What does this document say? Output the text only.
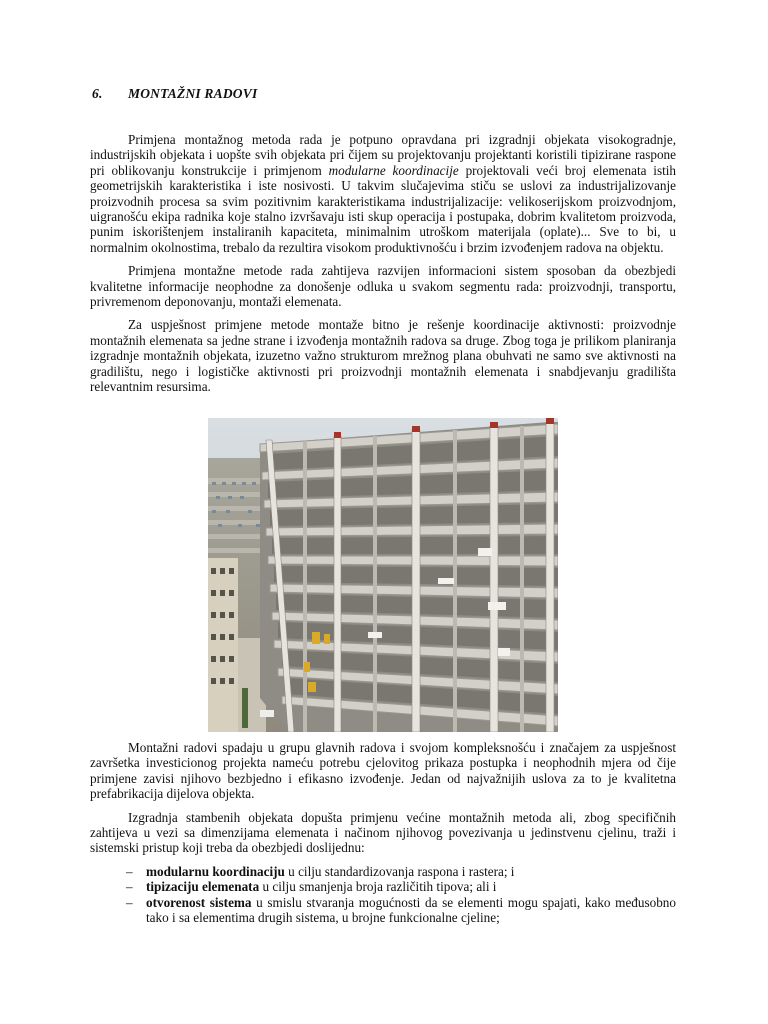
6. MONTAŽNI RADOVI

Primjena montažnog metoda rada je potpuno opravdana pri izgradnji objekata visokogradnje, industrijskih objekata i uopšte svih objekata pri čijem su projektovanju projektanti koristili tipizirane raspone pri oblikovanju konstrukcije i primjenom modularne koordinacije projektovali veći broj elemenata istih geometrijskih karakteristika i iste nosivosti. U takvim slučajevima stiču se uslovi za industrijalizovanje proizvodnih procesa sa svim pozitivnim karakteristikama industrijalizacije: velikoserijskom proizvodnjom, uigranošću ekipa radnika koje stalno izvršavaju isti skup operacija i postupaka, dobrim kvalitetom proizvoda, punim iskorištenjem instaliranih kapaciteta, minimalnim utroškom materijala (oplate)... Sve to bi, u normalnim okolnostima, trebalo da rezultira visokom produktivnošću i brzim izvođenjem radova na objektu.

Primjena montažne metode rada zahtijeva razvijen informacioni sistem sposoban da obezbjedi kvalitetne informacije neophodne za donošenje odluka u svakom segmentu rada: proizvodnji, transportu, privremenom deponovanju, montaži elemenata.

Za uspješnost primjene metode montaže bitno je rešenje koordinacije aktivnosti: proizvodnje montažnih elemenata sa jedne strane i izvođenja montažnih radova sa druge. Zbog toga je prilikom planiranja izgradnje montažnih objekata, izuzetno važno strukturom mrežnog plana obuhvati ne samo sve aktivnosti na gradilištu, nego i logističke aktivnosti pri proizvodnji montažnih elemenata i snabdjevanju gradilišta relevantnim resursima.

Montažni radovi spadaju u grupu glavnih radova i svojom kompleksnošću i značajem za uspješnost završetka investicionog projekta nameću potrebu cjelovitog prikaza postupka i neophodnih mjera od čije primjene zavisi njihovo bezbjedno i efikasno izvođenje. Jedan od najvažnijih uslova za to je kvalitetna prefabrikacija dijelova objekta.

Izgradnja stambenih objekata dopušta primjenu većine montažnih metoda ali, zbog specifičnih zahtijeva u vezi sa dimenzijama elemenata i načinom njihovog povezivanja u jedinstvenu cjelinu, traži i sistemski pristup koji treba da obezbjedi doslijednu:

– modularnu koordinaciju u cilju standardizovanja raspona i rastera; i
– tipizaciju elemenata u cilju smanjenja broja različitih tipova; ali i
– otvorenost sistema u smislu stvaranja mogućnosti da se elementi mogu spajati, kako međusobno tako i sa elementima drugih sistema, u brojne funkcionalne cjeline;
